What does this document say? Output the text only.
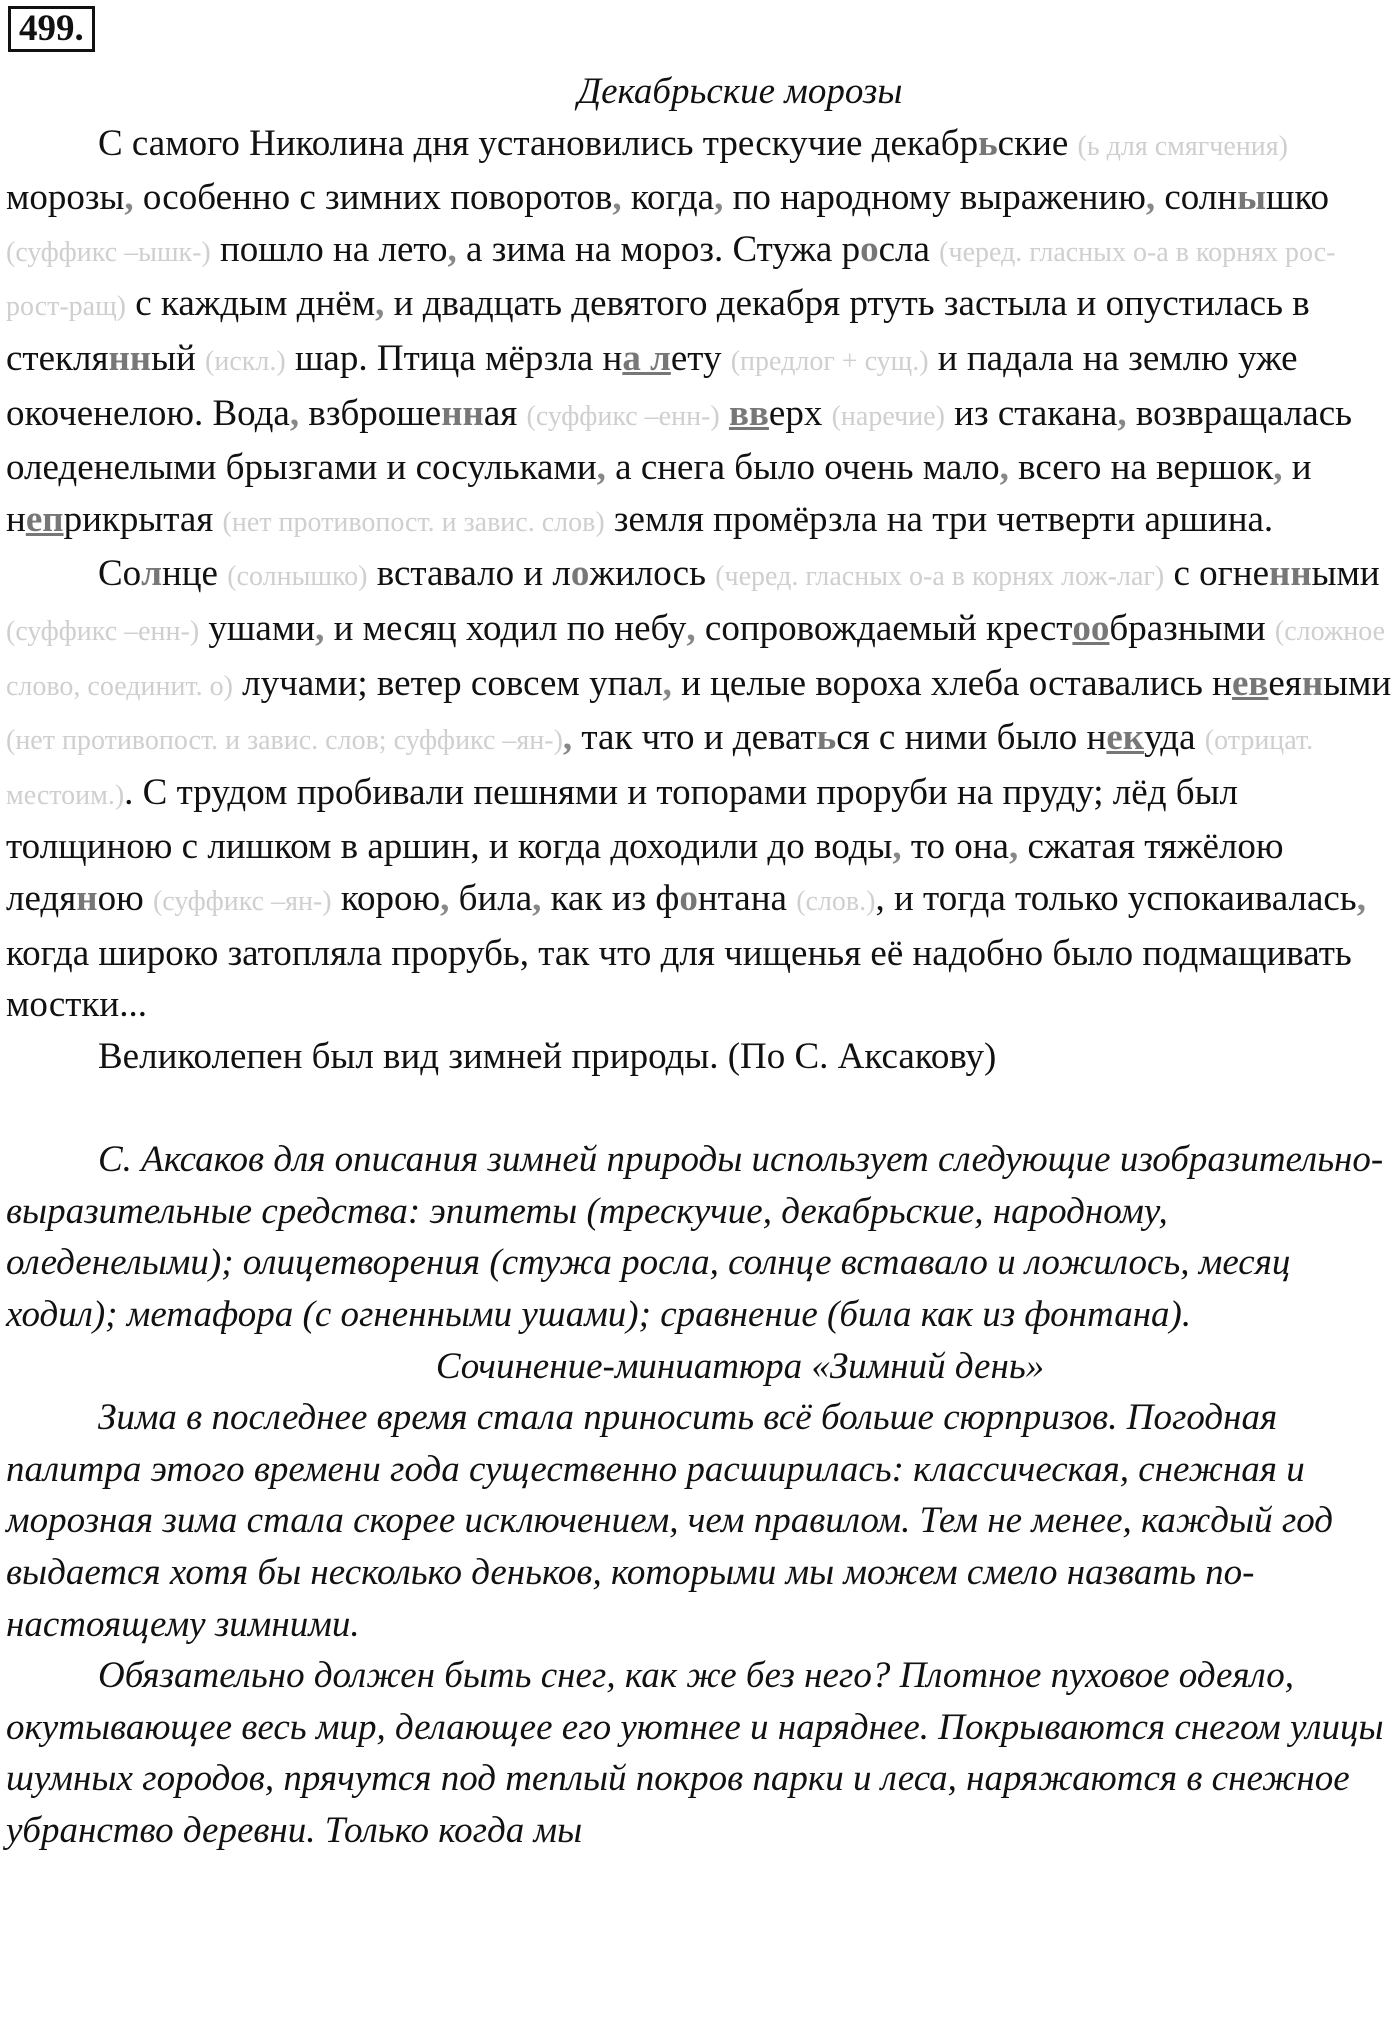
499.

Декабрьские морозы

С самого Николина дня установились трескучие декабрьские (ь для смягчения) морозы, особенно с зимних поворотов, когда, по народному выражению, солнышко (суффикс –ышк-) пошло на лето, а зима на мороз. Стужа росла (черед. гласных о-а в корнях рос-рост-ращ) с каждым днём, и двадцать девятого декабря ртуть застыла и опустилась в стеклянный (искл.) шар. Птица мёрзла на лету (предлог + сущ.) и падала на землю уже окоченелою. Вода, взброшенная (суффикс –енн-) вверх (наречие) из стакана, возвращалась оледенелыми брызгами и сосульками, а снега было очень мало, всего на вершок, и неприкрытая (нет противопост. и завис. слов) земля промёрзла на три четверти аршина.

Солнце (солнышко) вставало и ложилось (черед. гласных о-а в корнях лож-лаг) с огненными (суффикс –енн-) ушами, и месяц ходил по небу, сопровождаемый крестообразными (сложное слово, соединит. о) лучами; ветер совсем упал, и целые вороха хлеба оставались невеяными (нет противопост. и завис. слов; суффикс –ян-), так что и деваться с ними было некуда (отрицат. местоим.). С трудом пробивали пешнями и топорами проруби на пруду; лёд был толщиною с лишком в аршин, и когда доходили до воды, то она, сжатая тяжёлою ледяною (суффикс –ян-) корою, била, как из фонтана (слов.), и тогда только успокаивалась, когда широко затопляла прорубь, так что для чищенья её надобно было подмащивать мостки...

Великолепен был вид зимней природы. (По С. Аксакову)

С. Аксаков для описания зимней природы использует следующие изобразительно-выразительные средства: эпитеты (трескучие, декабрьские, народному, оледенелыми); олицетворения (стужа росла, солнце вставало и ложилось, месяц ходил); метафора (с огненными ушами); сравнение (била как из фонтана).

Сочинение-миниатюра «Зимний день»

Зима в последнее время стала приносить всё больше сюрпризов. Погодная палитра этого времени года существенно расширилась: классическая, снежная и морозная зима стала скорее исключением, чем правилом. Тем не менее, каждый год выдается хотя бы несколько деньков, которыми мы можем смело назвать по-настоящему зимними.

Обязательно должен быть снег, как же без него? Плотное пуховое одеяло, окутывающее весь мир, делающее его уютнее и наряднее. Покрываются снегом улицы шумных городов, прячутся под теплый покров парки и леса, наряжаются в снежное убранство деревни. Только когда мы
